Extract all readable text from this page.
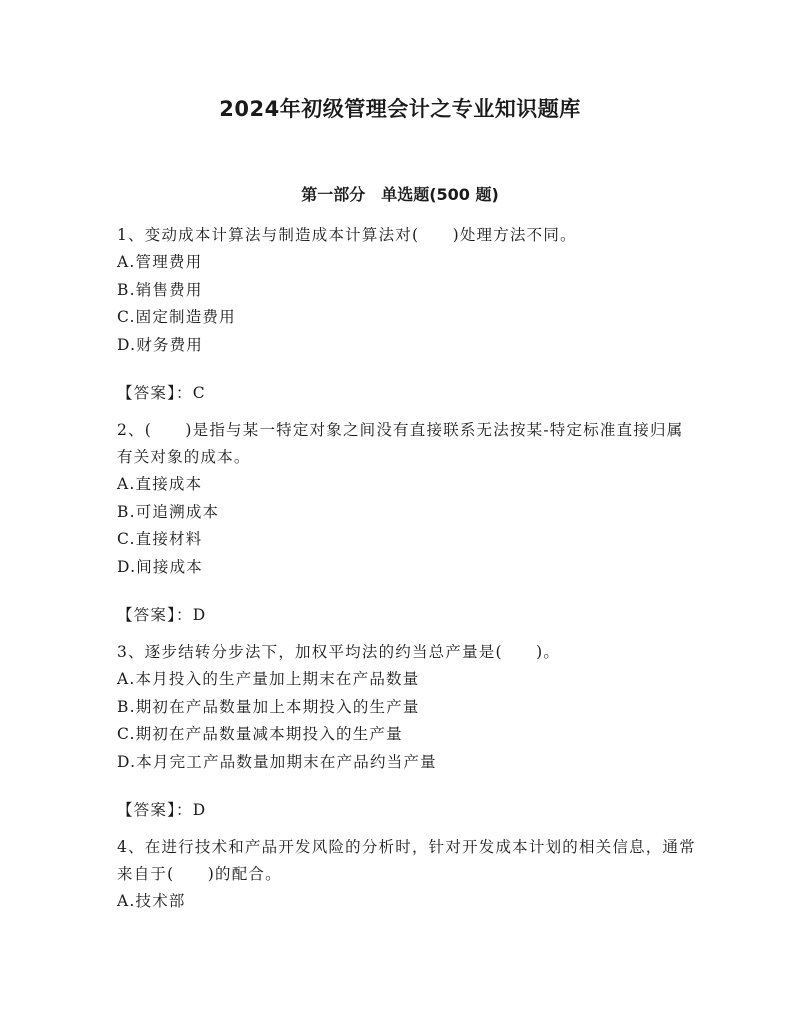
2024年初级管理会计之专业知识题库
第一部分　单选题(500 题)

1、变动成本计算法与制造成本计算法对(　　)处理方法不同。

A.管理费用

B.销售费用

C.固定制造费用

D.财务费用

【答案】：C

2、(　　)是指与某一特定对象之间没有直接联系无法按某-特定标准直接归属有关对象的成本。

A.直接成本

B.可追溯成本

C.直接材料

D.间接成本

【答案】：D

3、逐步结转分步法下，加权平均法的约当总产量是(　　)。

A.本月投入的生产量加上期末在产品数量

B.期初在产品数量加上本期投入的生产量

C.期初在产品数量减本期投入的生产量

D.本月完工产品数量加期末在产品约当产量

【答案】：D

4、在进行技术和产品开发风险的分析时，针对开发成本计划的相关信息，通常来自于(　　)的配合。

A.技术部
